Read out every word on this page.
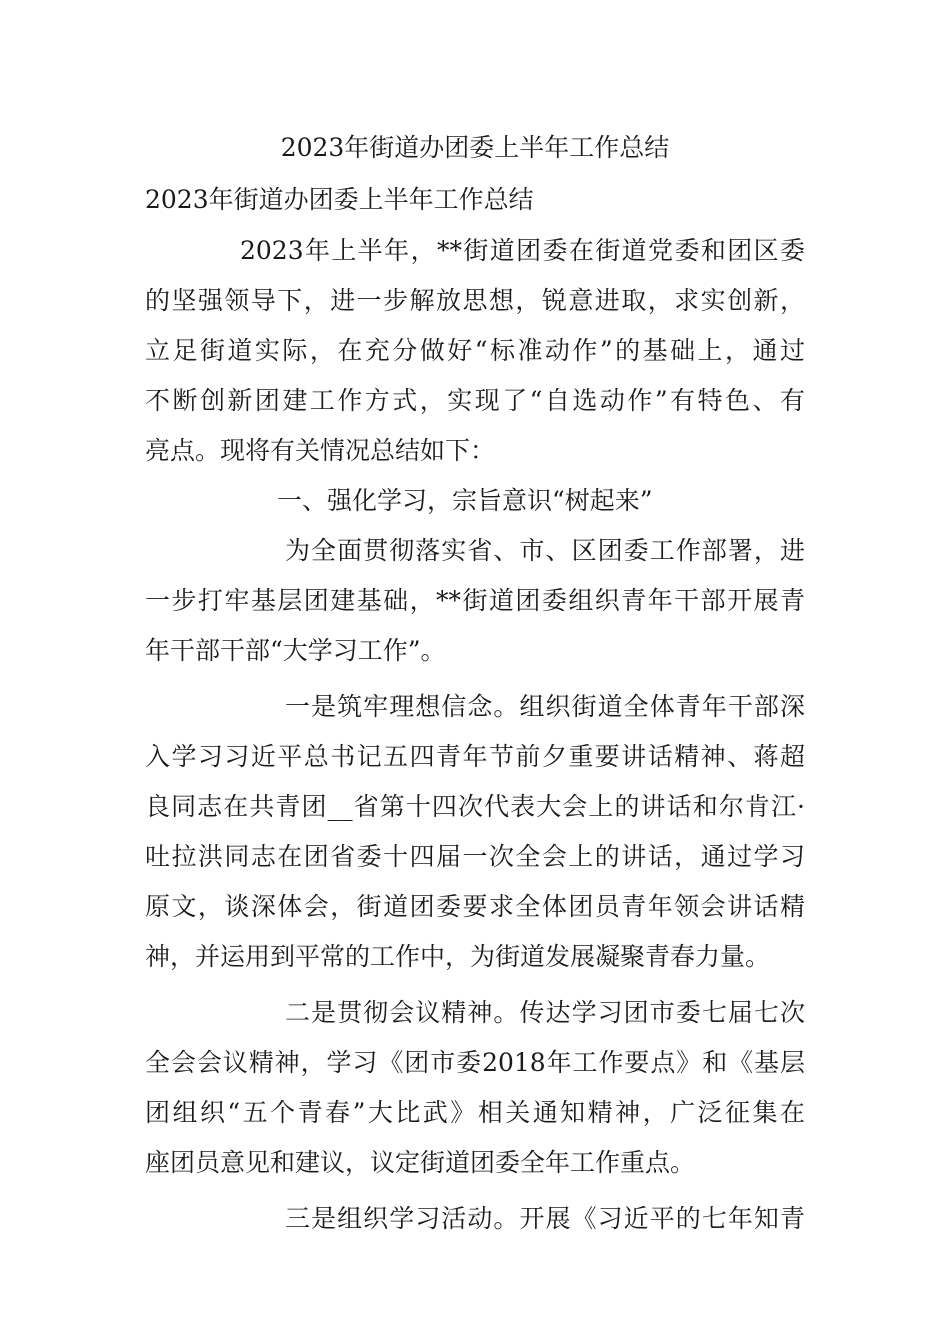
2023年街道办团委上半年工作总结
2023年街道办团委上半年工作总结
2023年上半年，**街道团委在街道党委和团区委
的坚强领导下，进一步解放思想，锐意进取，求实创新，
立足街道实际，在充分做好“标准动作”的基础上，通过
不断创新团建工作方式，实现了“自选动作”有特色、有
亮点。现将有关情况总结如下：
一、强化学习，宗旨意识“树起来”
为全面贯彻落实省、市、区团委工作部署，进
一步打牢基层团建基础，**街道团委组织青年干部开展青
年干部干部“大学习工作”。
一是筑牢理想信念。组织街道全体青年干部深
入学习习近平总书记五四青年节前夕重要讲话精神、蒋超
良同志在共青团__省第十四次代表大会上的讲话和尔肯江·
吐拉洪同志在团省委十四届一次全会上的讲话，通过学习
原文，谈深体会，街道团委要求全体团员青年领会讲话精
神，并运用到平常的工作中，为街道发展凝聚青春力量。
二是贯彻会议精神。传达学习团市委七届七次
全会会议精神，学习《团市委2018年工作要点》和《基层
团组织“五个青春”大比武》相关通知精神，广泛征集在
座团员意见和建议，议定街道团委全年工作重点。
三是组织学习活动。开展《习近平的七年知青
